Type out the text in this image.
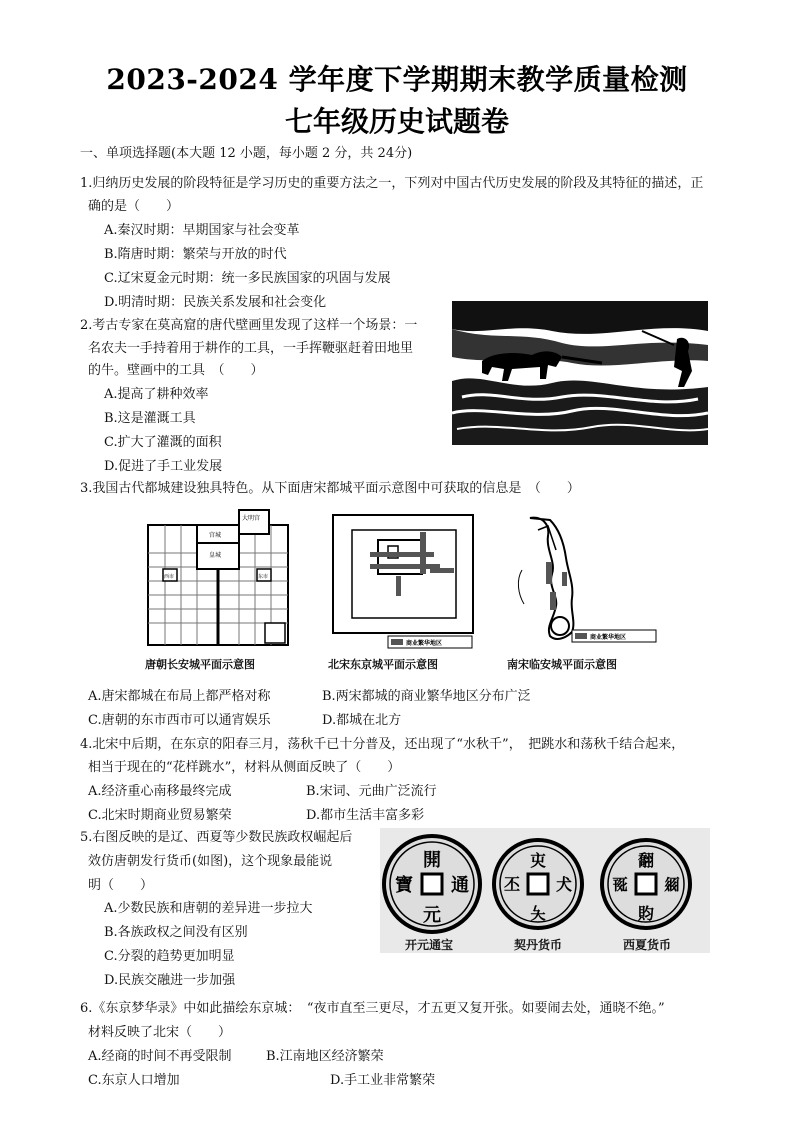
2023-2024 学年度下学期期末教学质量检测
七年级历史试题卷
一、单项选择题(本大题 12 小题，每小题 2 分，共 24分)
1.归纳历史发展的阶段特征是学习历史的重要方法之一，下列对中国古代历史发展的阶段及其特征的描述，正
确的是（　　）
A.秦汉时期：早期国家与社会变革
B.隋唐时期：繁荣与开放的时代
C.辽宋夏金元时期：统一多民族国家的巩固与发展
D.明清时期：民族关系发展和社会变化
2.考古专家在莫高窟的唐代壁画里发现了这样一个场景：一
名农夫一手持着用于耕作的工具，一手挥鞭驱赶着田地里
的牛。壁画中的工具　（　　）
A.提高了耕种效率
B.这是灌溉工具
C.扩大了灌溉的面积
D.促进了手工业发展
3.我国古代都城建设独具特色。从下面唐宋都城平面示意图中可获取的信息是　（　　）
大明宫
宫城
皇城
西市	东市
唐朝长安城平面示意图
商业繁华地区
北宋东京城平面示意图
商业繁华地区
南宋临安城平面示意图
A.唐宋都城在布局上都严格对称	B.两宋都城的商业繁华地区分布广泛
C.唐朝的东市西市可以通宵娱乐	D.都城在北方
4.北宋中后期，在东京的阳春三月，荡秋千已十分普及，还出现了“水秋千”，　把跳水和荡秋千结合起来，
相当于现在的“花样跳水”，材料从侧面反映了（　　）
A.经济重心南移最终完成	B.宋词、元曲广泛流行
C.北宋时期商业贸易繁荣	D.都市生活丰富多彩
5.右图反映的是辽、西夏等少数民族政权崛起后
效仿唐朝发行货币(如图)，这个现象最能说
明（　　）
A.少数民族和唐朝的差异进一步拉大
B.各族政权之间没有区别
C.分裂的趋势更加明显
D.民族交融进一步加强
開
元
通
寶
㐪
夨
犬
丕
䎗
䝧
𗥃
𗀔
开元通宝	契丹货币	西夏货币
6.《东京梦华录》中如此描绘东京城：　“夜市直至三更尽，才五更又复开张。如要闹去处，通晓不绝。”
材料反映了北宋（　　）
A.经商的时间不再受限制	B.江南地区经济繁荣
C.东京人口增加	D.手工业非常繁荣
